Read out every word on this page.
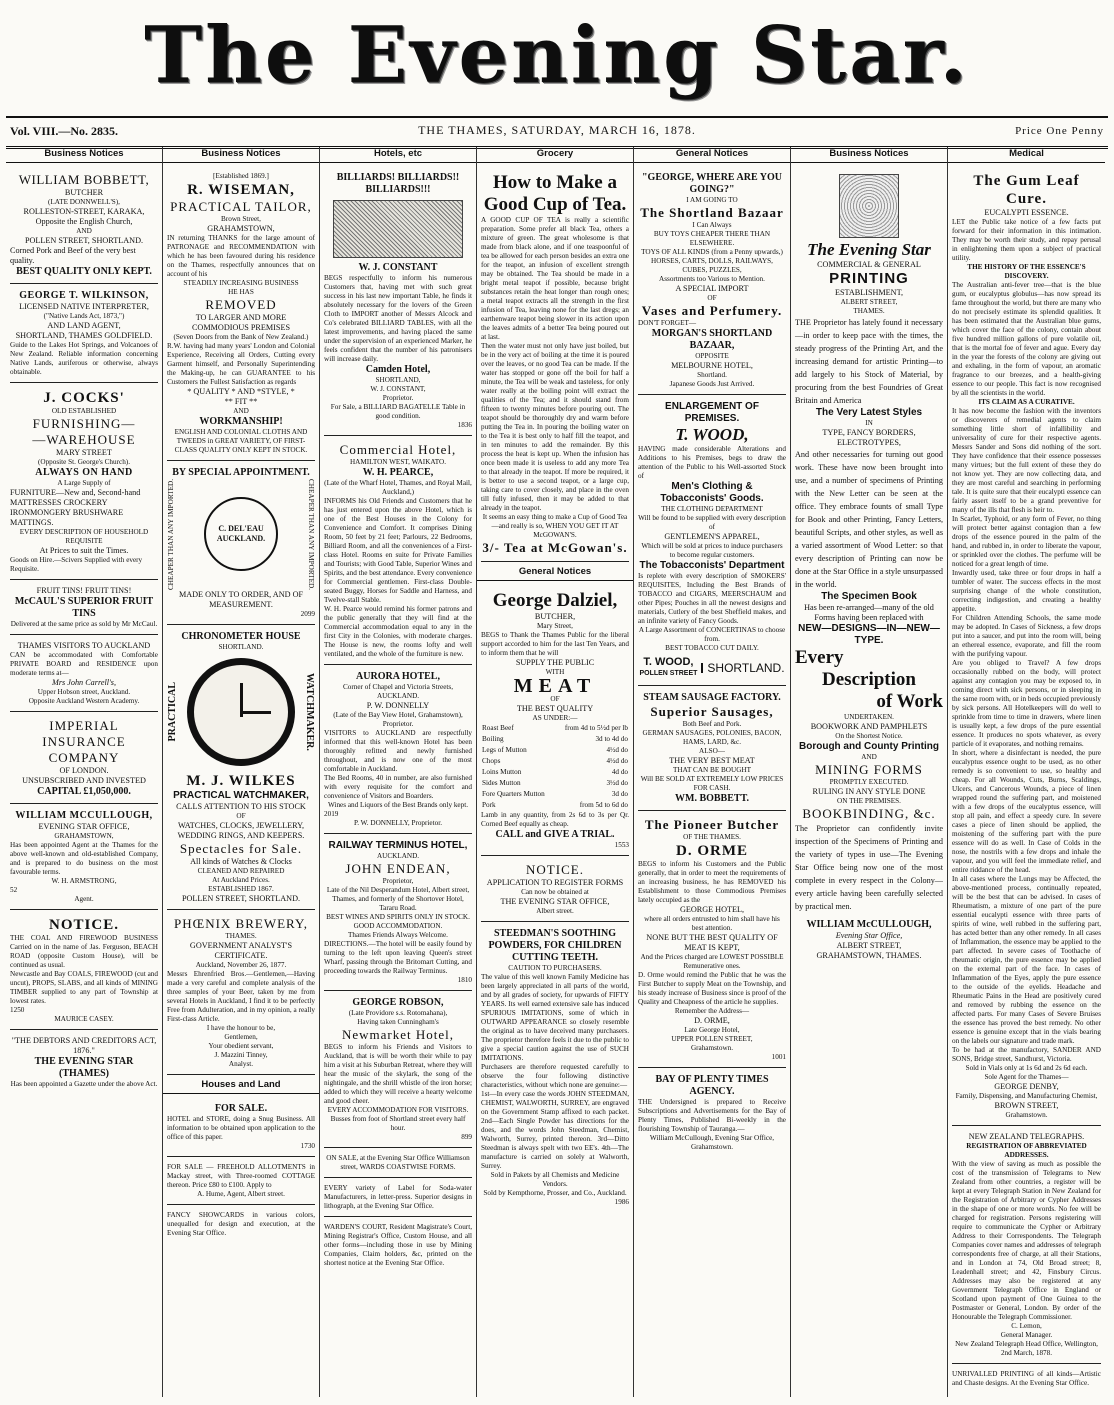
The Evening Star.
Vol. VIII.—No. 2835.	THE THAMES, SATURDAY, MARCH 16, 1878.	Price One Penny
Business Notices
WILLIAM BOBBETT,
BUTCHER
(LATE DONNWELL'S),
ROLLESTON-STREET, KARAKA,
Opposite the English Church,
AND
POLLEN STREET, SHORTLAND.
Corned Pork and Beef of the very best quality.
BEST QUALITY ONLY KEPT.
GEORGE T. WILKINSON,
LICENSED NATIVE INTERPRETER,
("Native Lands Act, 1873,")
AND LAND AGENT,
SHORTLAND, THAMES GOLDFIELD.
Guide to the Lakes Hot Springs, and Volcanoes of New Zealand. Reliable information concerning Native Lands, auriferous or otherwise, always obtainable.
J. COCKS'
OLD ESTABLISHED
FURNISHING—
—WAREHOUSE
MARY STREET
(Opposite St. George's Church).
ALWAYS ON HAND
A Large Supply of
FURNITURE—New and, Second-hand
MATTRESSES CROCKERY IRONMONGERY BRUSHWARE MATTINGS.
EVERY DESCRIPTION OF HOUSEHOLD REQUISITE
At Prices to suit the Times.
Goods on Hire.—Scivers Supplied with every Requisite.
FRUIT TINS! FRUIT TINS!
McCAUL'S SUPERIOR FRUIT TINS
Delivered at the same price as sold by Mr McCaul.
THAMES VISITORS TO AUCKLAND
CAN be accommodated with Comfortable PRIVATE BOARD and RESIDENCE upon moderate terms at—
Mrs John Carrell's,
Upper Hobson street, Auckland.
Opposite Auckland Western Academy.
IMPERIAL
INSURANCE COMPANY
OF LONDON.
UNSUBSCRIBED AND INVESTED
CAPITAL £1,050,000.
WILLIAM MCCULLOUGH,
EVENING STAR OFFICE,
GRAHAMSTOWN,
Has been appointed Agent at the Thames for the above well-known and old-established Company, and is prepared to do business on the most favourable terms.
W. H. ARMSTRONG,
52
Agent.
NOTICE.
THE COAL AND FIREWOOD BUSINESS Carried on in the name of Jas. Ferguson, BEACH ROAD (opposite Custom House), will be continued as usual.
Newcastle and Bay COALS, FIREWOOD (cut and uncut), PROPS, SLABS, and all kinds of MINING TIMBER supplied to any part of Township at lowest rates.
1250
MAURICE CASEY.
"THE DEBTORS AND CREDITORS ACT, 1876."
THE EVENING STAR (THAMES)
Has been appointed a Gazette under the above Act.
Business Notices
[Established 1869.]
R. WISEMAN,
PRACTICAL TAILOR,
Brown Street,
GRAHAMSTOWN,
IN returning THANKS for the large amount of PATRONAGE and RECOMMENDATION with which he has been favoured during his residence on the Thames, respectfully announces that on account of his
STEADILY INCREASING BUSINESS
HE HAS
REMOVED
TO LARGER AND MORE COMMODIOUS PREMISES
(Seven Doors from the Bank of New Zealand.)
R.W. having had many years' London and Colonial Experience, Receiving all Orders, Cutting every Garment himself, and Personally Superintending the Making-up, he can GUARANTEE to his Customers the Fullest Satisfaction as regards
* QUALITY * AND *STYLE, *
** FIT **
AND
WORKMANSHIP!
ENGLISH AND COLONIAL CLOTHS AND TWEEDS in GREAT VARIETY, OF FIRST-CLASS QUALITY ONLY KEPT IN STOCK.
BY SPECIAL APPOINTMENT.
CHEAPER THAN ANY IMPORTED.	C. DEL'EAU AUCKLAND.	CHEAPER THAN ANY IMPORTED.
MADE ONLY TO ORDER, AND OF MEASUREMENT.
2099
CHRONOMETER HOUSE
SHORTLAND.
PRACTICAL	WATCHMAKER.
M. J. WILKES
PRACTICAL WATCHMAKER,
CALLS ATTENTION TO HIS STOCK
OF
WATCHES, CLOCKS, JEWELLERY, WEDDING RINGS, AND KEEPERS.
Spectacles for Sale.
All kinds of Watches & Clocks
CLEANED AND REPAIRED
At Auckland Prices.
ESTABLISHED 1867.
POLLEN STREET, SHORTLAND.
PHŒNIX BREWERY,
THAMES.
GOVERNMENT ANALYST'S CERTIFICATE.
Auckland, November 26, 1877.
Messrs Ehrenfried Bros.—Gentlemen,—Having made a very careful and complete analysis of the three samples of your Beer, taken by me from several Hotels in Auckland, I find it to be perfectly Free from Adulteration, and in my opinion, a really First-class Article.
I have the honour to be,
Gentlemen,
Your obedient servant,
J. Mazzini Tinney,
Analyst.
Houses and Land
FOR SALE.
HOTEL and STORE, doing a Snug Business. All information to be obtained upon application to the office of this paper.
1730
FOR SALE — FREEHOLD ALLOTMENTS in Mackay street, with Three-roomed COTTAGE thereon. Price £80 to £100. Apply to
A. Hume, Agent, Albert street.
FANCY SHOWCARDS in various colors, unequalled for design and execution, at the Evening Star Office.
Hotels, etc
BILLIARDS! BILLIARDS!! BILLIARDS!!!
W. J. CONSTANT
BEGS respectfully to inform his numerous Customers that, having met with such great success in his last new important Table, he finds it absolutely necessary for the lovers of the Green Cloth to IMPORT another of Messrs Alcock and Co's celebrated BILLIARD TABLES, with all the latest improvements, and having placed the same under the supervision of an experienced Marker, he feels confident that the number of his patronisers will increase daily.
Camden Hotel,
SHORTLAND,
W. J. CONSTANT,
Proprietor.
For Sale, a BILLIARD BAGATELLE Table in good condition.
1836
Commercial Hotel,
HAMILTON WEST, WAIKATO.
W. H. PEARCE,
(Late of the Wharf Hotel, Thames, and Royal Mail, Auckland,)
INFORMS his Old Friends and Customers that he has just entered upon the above Hotel, which is one of the Best Houses in the Colony for Convenience and Comfort. It comprises Dining Room, 50 feet by 21 feet; Parlours, 22 Bedrooms, Billiard Room, and all the conveniences of a First-class Hotel. Rooms en suite for Private Families and Tourists; with Good Table, Superior Wines and Spirits, and the best attendance. Every convenience for Commercial gentlemen. First-class Double-seated Buggy, Horses for Saddle and Harness, and Twelve-stall Stable.
W. H. Pearce would remind his former patrons and the public generally that they will find at the Commercial accommodation equal to any in the first City in the Colonies, with moderate charges. The House is new, the rooms lofty and well ventilated, and the whole of the furniture is new.
AURORA HOTEL,
Corner of Chapel and Victoria Streets, AUCKLAND.
P. W. DONNELLY
(Late of the Bay View Hotel, Grahamstown),
Proprietor.
VISITORS to AUCKLAND are respectfully informed that this well-known Hotel has been thoroughly refitted and newly furnished throughout, and is now one of the most comfortable in Auckland.
The Bed Rooms, 40 in number, are also furnished with every requisite for the comfort and convenience of Visitors and Boarders.
Wines and Liquors of the Best Brands only kept.
2019
P. W. DONNELLY, Proprietor.
RAILWAY TERMINUS HOTEL,
AUCKLAND.
JOHN ENDEAN,
Proprietor,
Late of the Nil Desperandum Hotel, Albert street, Thames, and formerly of the Shortover Hotel, Tararu Road.
BEST WINES AND SPIRITS ONLY IN STOCK.
GOOD ACCOMMODATION.
Thames Friends Always Welcome.
DIRECTIONS.—The hotel will be easily found by turning to the left upon leaving Queen's street Wharf, passing through the Britomart Cutting, and proceeding towards the Railway Terminus.
1810
GEORGE ROBSON,
(Late Providore s.s. Rotomahana),
Having taken Cunningham's
Newmarket Hotel,
BEGS to inform his Friends and Visitors to Auckland, that is will be worth their while to pay him a visit at his Suburban Retreat, where they will hear the music of the skylark, the song of the nightingale, and the shrill whistle of the iron horse; added to which they will receive a hearty welcome and good cheer.
EVERY ACCOMMODATION FOR VISITORS.
Busses from foot of Shortland street every half hour.
899
ON SALE, at the Evening Star Office Williamson street, WARDS COASTWISE FORMS.
EVERY variety of Label for Soda-water Manufacturers, in letter-press. Superior designs in lithograph, at the Evening Star Office.
WARDEN'S COURT, Resident Magistrate's Court, Mining Registrar's Office, Custom House, and all other forms—including those in use by Mining Companies, Claim holders, &c, printed on the shortest notice at the Evening Star Office.
Grocery
How to Make a Good Cup of Tea.
A GOOD CUP OF TEA is really a scientific preparation. Some prefer all black Tea, others a mixture of green. The great wholesome is that made from black alone, and if one teaspoonful of tea be allowed for each person besides an extra one for the teapot, an infusion of excellent strength may be obtained. The Tea should be made in a bright metal teapot if possible, because bright substances retain the heat longer than rough ones; a metal teapot extracts all the strength in the first infusion of Tea, leaving none for the last dregs; an earthenware teapot being slower in its action upon the leaves admits of a better Tea being poured out at last.
Then the water must not only have just boiled, but be in the very act of boiling at the time it is poured over the leaves, or no good Tea can be made. If the water has stopped or gone off the boil for half a minute, the Tea will be weak and tasteless, for only water really at the boiling point will extract the qualities of the Tea; and it should stand from fifteen to twenty minutes before pouring out. The teapot should be thoroughly dry and warm before putting the Tea in. In pouring the boiling water on to the Tea it is best only to half fill the teapot, and in ten minutes to add the remainder. By this process the heat is kept up. When the infusion has once been made it is useless to add any more Tea to that already in the teapot. If more be required, it is better to use a second teapot, or a large cup, taking care to cover closely, and place in the oven till fully infused, then it may be added to that already in the teapot.
It seems an easy thing to make a Cup of Good Tea—and really is so, WHEN YOU GET IT AT McGOWAN'S.
3/- Tea at McGowan's.
General Notices
George Dalziel,
BUTCHER,
Mary Street,
BEGS to Thank the Thames Public for the liberal support accorded to him for the last Ten Years, and to inform them that he will
SUPPLY THE PUBLIC
WITH
MEAT
OF
THE BEST QUALITY
AS UNDER:—
Roast Beef	from 4d to 5½d per lb
Boiling	3d to 4d do
Legs of Mutton	4½d do
Chops	4½d do
Loins Mutton	4d do
Sides Mutton	3½d do
Fore Quarters Mutton	3d do
Pork	from 5d to 6d do
Lamb in any quantity, from 2s 6d to 3s per Qr. Corned Beef equally as cheap.
CALL and GIVE A TRIAL.
1553
NOTICE.
APPLICATION TO REGISTER FORMS
Can now be obtained at
THE EVENING STAR OFFICE,
Albert street.
STEEDMAN'S SOOTHING POWDERS, FOR CHILDREN CUTTING TEETH.
CAUTION TO PURCHASERS.
The value of this well known Family Medicine has been largely appreciated in all parts of the world, and by all grades of society, for upwards of FIFTY YEARS. Its well earned extensive sale has induced SPURIOUS IMITATIONS, some of which in OUTWARD APPEARANCE so closely resemble the original as to have deceived many purchasers. The proprietor therefore feels it due to the public to give a special caution against the use of SUCH IMITATIONS.
Purchasers are therefore requested carefully to observe the four following distinctive characteristics, without which none are genuine:—
1st—In every case the words JOHN STEEDMAN, CHEMIST, WALWORTH, SURREY, are engraved on the Government Stamp affixed to each packet. 2nd—Each Single Powder has directions for the does, and the words John Steedman, Chemist, Walworth, Surrey, printed thereon. 3rd—Ditto Steedman is always spelt with two EE's. 4th—The manufacture is carried on solely at Walworth, Surrey.
Sold in Pakets by all Chemists and Medicine Vendors.
Sold by Kempthorne, Prosser, and Co., Auckland.
1986
General Notices
"GEORGE, WHERE ARE YOU GOING?"
I AM GOING TO
The Shortland Bazaar
I Can Always
BUY TOYS CHEAPER THERE THAN ELSEWHERE.
TOYS OF ALL KINDS (from a Penny upwards,) HORSES, CARTS, DOLLS, RAILWAYS, CUBES, PUZZLES,
Assortments too Various to Mention.
A SPECIAL IMPORT
OF
Vases and Perfumery.
DON'T FORGET—
MORGAN'S SHORTLAND BAZAAR,
OPPOSITE
MELBOURNE HOTEL,
Shortland.
Japanese Goods Just Arrived.
ENLARGEMENT OF PREMISES.
T. WOOD,
HAVING made considerable Alterations and Additions to his Premises, begs to draw the attention of the Public to his Well-assorted Stock of
Men's Clothing & Tobacconists' Goods.
THE CLOTHING DEPARTMENT
Will be found to be supplied with every description of
GENTLEMEN'S APPAREL,
Which will be sold at prices to induce purchasers to become regular customers.
The Tobacconists' Department
Is replete with every description of SMOKERS' REQUISITES, Including the Best Brands of TOBACCO and CIGARS, MEERSCHAUM and other Pipes; Pouches in all the newest designs and materials, Cutlery of the best Sheffield makes, and an infinite variety of Fancy Goods.
A Large Assortment of CONCERTINAS to choose from.
BEST TOBACCO CUT DAILY.
T. WOOD,
POLLEN STREET SHORTLAND.
STEAM SAUSAGE FACTORY.
Superior Sausages,
Both Beef and Pork.
GERMAN SAUSAGES, POLONIES, BACON, HAMS, LARD, &c.
ALSO—
THE VERY BEST MEAT
THAT CAN BE BOUGHT
Will BE SOLD AT EXTREMELY LOW PRICES FOR CASH.
WM. BOBBETT.
The Pioneer Butcher
OF THE THAMES.
D. ORME
BEGS to inform his Customers and the Public generally, that in order to meet the requirements of an increasing business, he has REMOVED his Establishment to those Commodious Premises lately occupied as the
GEORGE HOTEL,
where all orders entrusted to him shall have his best attention.
NONE BUT THE BEST QUALITY OF MEAT IS KEPT,
And the Prices charged are LOWEST POSSIBLE Remunerative ones.
D. Orme would remind the Public that he was the First Butcher to supply Meat on the Township, and his steady increase of Business since is proof of the Quality and Cheapness of the article he supplies.
Remember the Address—
D. ORME,
Late George Hotel,
UPPER POLLEN STREET,
Grahamstown.
1001
BAY OF PLENTY TIMES AGENCY.
THE Undersigned is prepared to Receive Subscriptions and Advertisements for the Bay of Plenty Times, Published Bi-weekly in the flourishing Township of Tauranga.—
William McCullough, Evening Star Office, Grahamstown.
Business Notices
The Evening Star
COMMERCIAL & GENERAL
PRINTING
ESTABLISHMENT,
ALBERT STREET,
THAMES.
THE Proprietor has lately found it necessary—in order to keep pace with the times, the steady progress of the Printing Art, and the increasing demand for artistic Printing—to add largely to his Stock of Material, by procuring from the best Foundries of Great Britain and America
The Very Latest Styles
IN
TYPE, FANCY BORDERS, ELECTROTYPES,
And other necessaries for turning out good work. These have now been brought into use, and a number of specimens of Printing with the New Letter can be seen at the office. They embrace founts of small Type for Book and other Printing, Fancy Letters, beautiful Scripts, and other styles, as well as a varied assortment of Wood Letter: so that every description of Printing can now be done at the Star Office in a style unsurpassed in the world.
The Specimen Book
Has been re-arranged—many of the old Forms having been replaced with
NEW—DESIGNS—IN—NEW—TYPE.
Every
Description
of Work
UNDERTAKEN.
BOOKWORK AND PAMPHLETS
On the Shortest Notice.
Borough and County Printing
AND
MINING FORMS
PROMPTLY EXECUTED.
RULING IN ANY STYLE DONE
ON THE PREMISES.
BOOKBINDING, &c.
The Proprietor can confidently invite inspection of the Specimens of Printing and the variety of types in use—The Evening Star Office being now one of the most complete in every respect in the Colony—every article having been carefully selected by practical men.
WILLIAM McCULLOUGH,
Evening Star Office,
ALBERT STREET,
GRAHAMSTOWN, THAMES.
Medical
The Gum Leaf Cure.
EUCALYPTI ESSENCE.
LET the Public take notice of a few facts put forward for their information in this intimation. They may be worth their study, and repay perusal in enlightening them upon a subject of practical utility.
THE HISTORY OF THE ESSENCE'S DISCOVERY.
The Australian anti-fever tree—that is the blue gum, or eucalyptus globulus—has now spread its fame throughout the world, but there are many who do not precisely estimate its splendid qualities. It has been estimated that the Australian blue gums, which cover the face of the colony, contain about five hundred million gallons of pure volatile oil, that is the mortal foe of fever and ague. Every day in the year the forests of the colony are giving out and exhaling, in the form of vapour, an aromatic fragrance to our breezes, and a health-giving essence to our people. This fact is now recognised by all the scientists in the world.
ITS CLAIM AS A CURATIVE.
It has now become the fashion with the inventors or discoverers of remedial agents to claim something little short of infallibility and universality of cure for their respective agents. Messrs Sander and Sons did nothing of the sort. They have confidence that their essence possesses many virtues; but the full extent of these they do not know yet. They are now collecting data, and they are most careful and searching in performing tale. It is quite sure that their eucalypti essence can fairly assert itself to be a grand preventive for many of the ills that flesh is heir to.
In Scarlet, Typhoid, or any form of Fever, no thing will protect better against contagion than a few drops of the essence poured in the palm of the hand, and rubbed in, in order to liberate the vapour, or sprinkled over the clothes. The perfume will be noticed for a great length of time.
Inwardly used, take three or four drops in half a tumbler of water. The success effects in the most surprising change of the whole constitution, correcting indigestion, and creating a healthy appetite.
For Children Attending Schools, the same mode may be adopted. In Cases of Sickness, a few drops put into a saucer, and put into the room will, being an ethereal essence, evaporate, and fill the room with the purifying vapour.
Are you obliged to Travel? A few drops occasionally rubbed on the body, will protect against any contagion you may be exposed to, in coming direct with sick persons, or in sleeping in the same room with, or in beds occupied previously by sick persons. All Hotelkeepers will do well to sprinkle from time to time in drawers, where linen is usually kept, a few drops of the pure essential essence. It produces no spots whatever, as every particle of it evaporates, and nothing remains.
In short, where a disinfectant is needed, the pure eucalyptus essence ought to be used, as no other remedy is so convenient to use, so healthy and cheap. For all Wounds, Cuts, Burns, Scaldings, Ulcers, and Cancerous Wounds, a piece of linen wrapped round the suffering part, and moistened with a few drops of the eucalyptus essence, will stop all pain, and effect a speedy cure. In severe cases a piece of linen should be applied, the moistening of the suffering part with the pure essence will do as well. In Case of Colds in the nose, the nostrils with a few drops and inhale the vapour, and you will feel the immediate relief, and entire riddance of the head.
In all cases where the Lungs may be Affected, the above-mentioned process, continually repeated, will be the best that can be advised. In cases of Rheumatism, a mixture of one part of the pure essential eucalypti essence with three parts of spirits of wine, well rubbed in the suffering part, has acted better than any other remedy. In all cases of Inflammation, the essence may be applied to the part affected. In severe cases of Toothache of rheumatic origin, the pure essence may be applied on the external part of the face. In cases of Inflammation of the Eyes, apply the pure essence to the outside of the eyelids. Headache and Rheumatic Pains in the Head are positively cured and removed by rubbing the essence on the affected parts. For many Cases of Severe Bruises the essence has proved the best remedy. No other essence is genuine except that in the vials bearing on the labels our signature and trade mark.
To be had at the manufactory, SANDER AND SONS, Bridge street, Sandhurst, Victoria.
Sold in Vials only at 1s 6d and 2s 6d each.
Sole Agent for the Thames—
GEORGE DENBY,
Family, Dispensing, and Manufacturing Chemist,
BROWN STREET,
Grahamstown.
NEW ZEALAND TELEGRAPHS.
REGISTRATION OF ABBREVIATED ADDRESSES.
With the view of saving as much as possible the cost of the transmission of Telegrams to New Zealand from other countries, a register will be kept at every Telegraph Station in New Zealand for the Registration of Arbitrary or Cypher Addresses in the shape of one or more words. No fee will be charged for registration. Persons registering will require to communicate the Cypher or Arbitrary Address to their Correspondents. The Telegraph Companies cover names and addresses of telegraph correspondents free of charge, at all their Stations, and in London at 74, Old Broad street; 8, Leadenhall street; and 42, Finsbury Circus. Addresses may also be registered at any Government Telegraph Office in England or Scotland upon payment of One Guinea to the Postmaster or General, London. By order of the Honourable the Telegraph Commissioner.
C. Lemon,
General Manager.
New Zealand Telegraph Head Office, Wellington, 2nd March, 1878.
UNRIVALLED PRINTING of all kinds—Artistic and Chaste designs. At the Evening Star Office.
